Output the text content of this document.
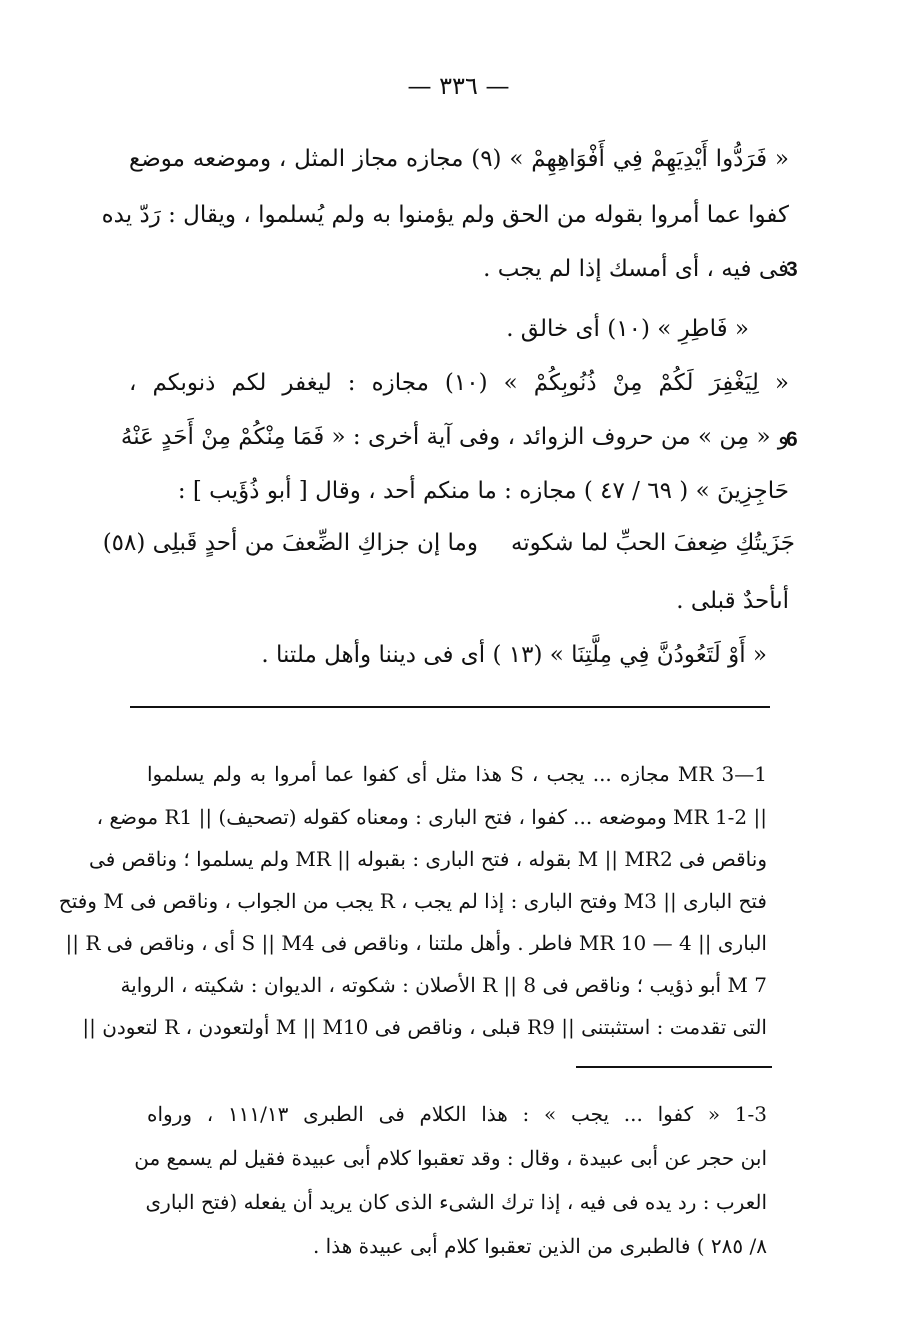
— ٣٣٦ —
« فَرَدُّوا أَيْدِيَهِمْ فِي أَفْوَاهِهِمْ » (٩) مجازه مجاز المثل ، وموضعه موضع
كفوا عما أمروا بقوله من الحق ولم يؤمنوا به ولم يُسلموا ، ويقال : رَدّ يده
فى فيه ، أى أمسك إذا لم يجب .
3
« فَاطِرِ » (١٠) أى خالق .
« لِيَغْفِرَ لَكُمْ مِنْ ذُنُوبِكُمْ » (١٠) مجازه : ليغفر لكم ذنوبكم ،
و « مِن » من حروف الزوائد ، وفى آية أخرى : « فَمَا مِنْكُمْ مِنْ أَحَدٍ عَنْهُ
6
حَاجِزِينَ » ( ٦٩ / ٤٧ ) مجازه : ما منكم أحد ، وقال [ أبو ذُؤَيب ] :
جَزَيتُكِ ضِعفَ الحبِّ لما شكوته
وما إن جزاكِ الضِّعفَ من أحدٍ قَبلِى (٥٨)
أىأحدٌ قبلى .
« أَوْ لَتَعُودُنَّ فِي مِلَّتِنَا » (١٣ ) أى فى ديننا وأهل ملتنا .
1—3 MR مجازه ... يجب ، S هذا مثل أى كفوا عما أمروا به ولم يسلموا
|| 1-2 MR وموضعه ... كفوا ، فتح البارى : ومعناه كقوله (تصحيف) || R1 موضع ،
وناقص فى M || MR2 بقوله ، فتح البارى : بقبوله || MR ولم يسلموا ؛ وناقص فى
فتح البارى || M3 وفتح البارى : إذا لم يجب ، R يجب من الجواب ، وناقص فى M وفتح
البارى || 4 — 10 MR فاطر . وأهل ملتنا ، وناقص فى S || M4 أى ، وناقص فى R ||
M 7 أبو ذؤيب ؛ وناقص فى R || 8 الأصلان : شكوته ، الديوان : شكيته ، الرواية
التى تقدمت : استثبتنى || R9 قبلى ، وناقص فى M || M10 أولتعودن ، R لتعودن ||
1-3 « كفوا ... يجب » : هذا الكلام فى الطبرى ١١١/١٣ ، ورواه
ابن حجر عن أبى عبيدة ، وقال : وقد تعقبوا كلام أبى عبيدة فقيل لم يسمع من
العرب : رد يده فى فيه ، إذا ترك الشىء الذى كان يريد أن يفعله (فتح البارى
٨/ ٢٨٥ ) فالطبرى من الذين تعقبوا كلام أبى عبيدة هذا .
